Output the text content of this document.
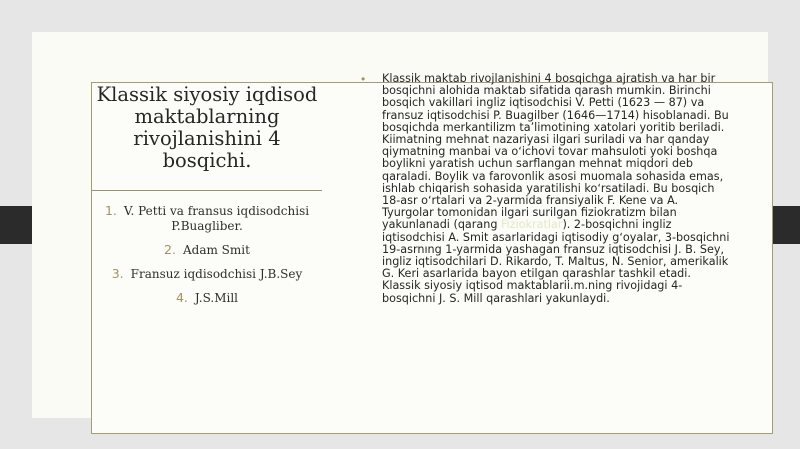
Klassik siyosiy iqdisod maktablarning rivojlanishini 4 bosqichi.
1. V. Petti va fransus iqdisodchisi P.Buagliber.
2. Adam Smit
3. Fransuz iqdisodchisi J.B.Sey
4. J.S.Mill
• Klassik maktab rivojlanishini 4 bosqichga ajratish va har bir bosqichni alohida maktab sifatida qarash mumkin. Birinchi bosqich vakillari ingliz iqtisodchisi V. Petti (1623 — 87) va fransuz iqtisodchisi P. Buagilber (1646—1714) hisoblanadi. Bu bosqichda merkantilizm taʼlimotining xatolari yoritib beriladi. Kiimatning mehnat nazariyasi ilgari suriladi va har qanday qiymatning manbai va oʻichovi tovar mahsuloti yoki boshqa boylikni yaratish uchun sarflangan mehnat miqdori deb qaraladi. Boylik va farovonlik asosi muomala sohasida emas, ishlab chiqarish sohasida yaratilishi koʻrsatiladi. Bu bosqich 18-asr oʻrtalari va 2-yarmida fransiyalik F. Kene va A. Tyurgolar tomonidan ilgari surilgan fiziokratizm bilan yakunlanadi (qarang Fiziokratlar). 2-bosqichni ingliz iqtisodchisi A. Smit asarlaridagi iqtisodiy gʻoyalar, 3-bosqichni 19-asrnıng 1-yarmida yashagan fransuz iqtisodchisi J. B. Sey, ingliz iqtisodchilari D. Rikardo, T. Maltus, N. Senior, amerikalik G. Keri asarlarida bayon etilgan qarashlar tashkil etadi. Klassik siyosiy iqtisod maktablarii.m.ning rivojidagi 4-bosqichni J. S. Mill qarashlari yakunlaydi.
